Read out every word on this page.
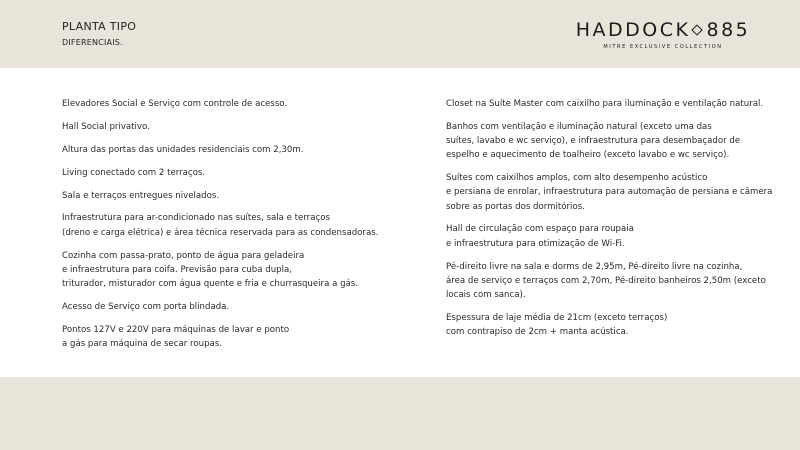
PLANTA TIPO
DIFERENCIAIS.
HADDOCK 885
MITRE EXCLUSIVE COLLECTION
Elevadores Social e Serviço com controle de acesso.
Hall Social privativo.
Altura das portas das unidades residenciais com 2,30m.
Living conectado com 2 terraços.
Sala e terraços entregues nivelados.
Infraestrutura para ar-condicionado nas suítes, sala e terraços
(dreno e carga elétrica) e área técnica reservada para as condensadoras.
Cozinha com passa-prato, ponto de água para geladeira
e infraestrutura para coifa. Previsão para cuba dupla,
triturador, misturador com água quente e fria e churrasqueira a gás.
Acesso de Serviço com porta blindada.
Pontos 127V e 220V para máquinas de lavar e ponto
a gás para máquina de secar roupas.
Closet na Suíte Master com caixilho para iluminação e ventilação natural.
Banhos com ventilação e iluminação natural (exceto uma das
suítes, lavabo e wc serviço), e infraestrutura para desembaçador de
espelho e aquecimento de toalheiro (exceto lavabo e wc serviço).
Suítes com caixilhos amplos, com alto desempenho acústico
e persiana de enrolar, infraestrutura para automação de persiana e câmera
sobre as portas dos dormitórios.
Hall de circulação com espaço para roupaia
e infraestrutura para otimização de Wi-Fi.
Pé-direito livre na sala e dorms de 2,95m, Pé-direito livre na cozinha,
área de serviço e terraços com 2,70m, Pé-direito banheiros 2,50m (exceto
locais com sanca).
Espessura de laje média de 21cm (exceto terraços)
com contrapiso de 2cm + manta acústica.
